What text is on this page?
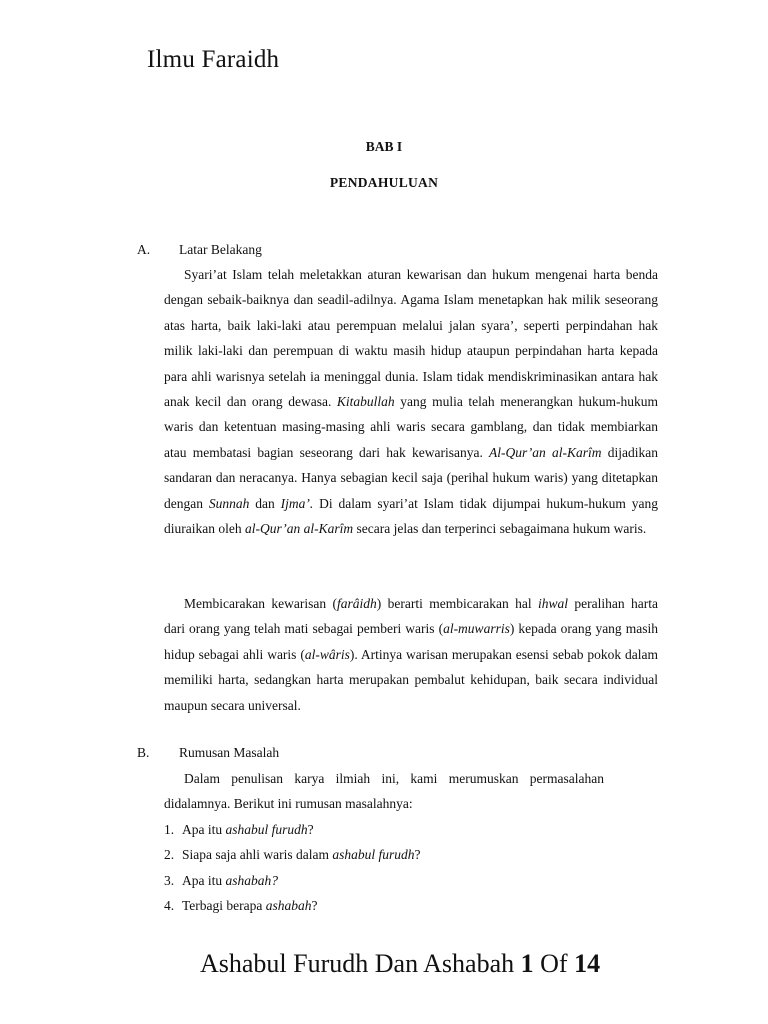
Ilmu Faraidh
BAB I
PENDAHULUAN
A. Latar Belakang

Syari’at Islam telah meletakkan aturan kewarisan dan hukum mengenai harta benda dengan sebaik-baiknya dan seadil-adilnya. Agama Islam menetapkan hak milik seseorang atas harta, baik laki-laki atau perempuan melalui jalan syara’, seperti perpindahan hak milik laki-laki dan perempuan di waktu masih hidup ataupun perpindahan harta kepada para ahli warisnya setelah ia meninggal dunia. Islam tidak mendiskriminasikan antara hak anak kecil dan orang dewasa. Kitabullah yang mulia telah menerangkan hukum-hukum waris dan ketentuan masing-masing ahli waris secara gamblang, dan tidak membiarkan atau membatasi bagian seseorang dari hak kewarisanya. Al-Qur’an al-Karîm dijadikan sandaran dan neracanya. Hanya sebagian kecil saja (perihal hukum waris) yang ditetapkan dengan Sunnah dan Ijma’. Di dalam syari’at Islam tidak dijumpai hukum-hukum yang diuraikan oleh al-Qur’an al-Karîm secara jelas dan terperinci sebagaimana hukum waris.

Membicarakan kewarisan (farâidh) berarti membicarakan hal ihwal peralihan harta dari orang yang telah mati sebagai pemberi waris (al-muwarris) kepada orang yang masih hidup sebagai ahli waris (al-wâris). Artinya warisan merupakan esensi sebab pokok dalam memiliki harta, sedangkan harta merupakan pembalut kehidupan, baik secara individual maupun secara universal.

B. Rumusan Masalah

Dalam penulisan karya ilmiah ini, kami merumuskan permasalahan didalamnya. Berikut ini rumusan masalahnya:

1. Apa itu ashabul furudh?
2. Siapa saja ahli waris dalam ashabul furudh?
3. Apa itu ashabah?
4. Terbagi berapa ashabah?
Ashabul Furudh Dan Ashabah 1 Of 14
